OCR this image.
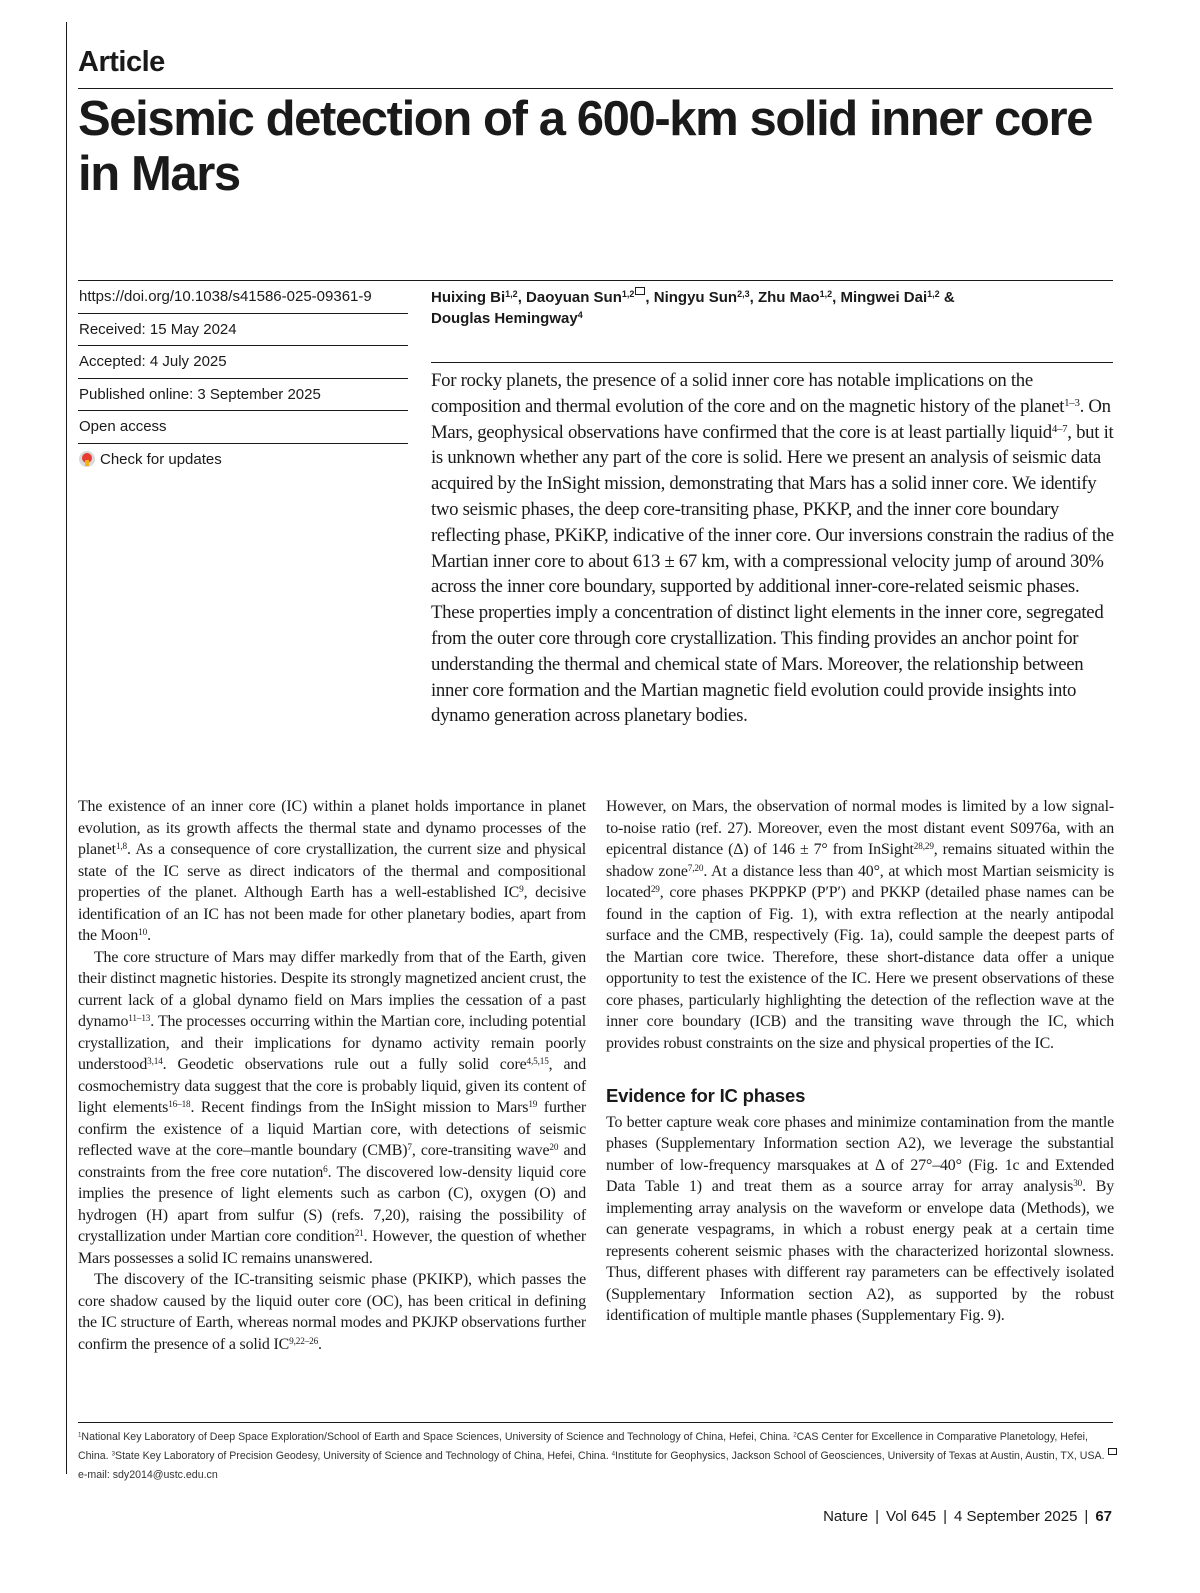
Article
Seismic detection of a 600-km solid inner core in Mars
https://doi.org/10.1038/s41586-025-09361-9
Received: 15 May 2024
Accepted: 4 July 2025
Published online: 3 September 2025
Open access
Check for updates
Huixing Bi$^{1,2}$, Daoyuan Sun$^{1,2}$ , Ningyu Sun$^{2,3}$, Zhu Mao$^{1,2}$, Mingwei Dai$^{1,2}$ &
Douglas Hemingway$^4$

For rocky planets, the presence of a solid inner core has notable implications on the composition and thermal evolution of the core and on the magnetic history of the planet$^{1-3}$. On Mars, geophysical observations have confirmed that the core is at least partially liquid$^{4-7}$, but it is unknown whether any part of the core is solid. Here we present an analysis of seismic data acquired by the InSight mission, demonstrating that Mars has a solid inner core. We identify two seismic phases, the deep core-transiting phase, PKKP, and the inner core boundary reflecting phase, PKiKP, indicative of the inner core. Our inversions constrain the radius of the Martian inner core to about 613 ± 67 km, with a compressional velocity jump of around 30% across the inner core boundary, supported by additional inner-core-related seismic phases. These properties imply a concentration of distinct light elements in the inner core, segregated from the outer core through core crystallization. This finding provides an anchor point for understanding the thermal and chemical state of Mars. Moreover, the relationship between inner core formation and the Martian magnetic field evolution could provide insights into dynamo generation across planetary bodies.

The existence of an inner core (IC) within a planet holds importance in planet evolution, as its growth affects the thermal state and dynamo processes of the planet$^{1,8}$. As a consequence of core crystallization, the current size and physical state of the IC serve as direct indicators of the thermal and compositional properties of the planet. Although Earth has a well-established $IC^9$, decisive identification of an IC has not been made for other planetary bodies, apart from the Moon$^{10}$.

The core structure of Mars may differ markedly from that of the Earth, given their distinct magnetic histories. Despite its strongly magnetized ancient crust, the current lack of a global dynamo field on Mars implies the cessation of a past dynamo$^{11-13}$. The processes occurring within the Martian core, including potential crystallization, and their implications for dynamo activity remain poorly understood$^{3,14}$. Geodetic observations rule out a fully solid core$^{4,5,15}$, and cosmochemistry data suggest that the core is probably liquid, given its content of light elements$^{16-18}$. Recent findings from the InSight mission to Mars$^{19}$ further confirm the existence of a liquid Martian core, with detections of seismic reflected wave at the core–mantle boundary (CMB)$^7$, core-transiting wave$^{20}$ and constraints from the free core nutation$^6$. The discovered low-density liquid core implies the presence of light elements such as carbon (C), oxygen (O) and hydrogen (H) apart from sulfur (S) (refs. 7,20), raising the possibility of crystallization under Martian core condition$^{21}$. However, the question of whether Mars possesses a solid IC remains unanswered.

The discovery of the IC-transiting seismic phase (PKIKP), which passes the core shadow caused by the liquid outer core (OC), has been critical in defining the IC structure of Earth, whereas normal modes and PKJKP observations further confirm the presence of a solid IC$^{9,22-26}$.

However, on Mars, the observation of normal modes is limited by a low signal-to-noise ratio (ref. 27). Moreover, even the most distant event S0976a, with an epicentral distance (Δ) of 146 ± 7° from InSight$^{28,29}$, remains situated within the shadow zone$^{7,20}$. At a distance less than 40°, at which most Martian seismicity is located$^{29}$, core phases PKPPKP (P′P′) and PKKP (detailed phase names can be found in the caption of Fig. 1), with extra reflection at the nearly antipodal surface and the CMB, respectively (Fig. 1a), could sample the deepest parts of the Martian core twice. Therefore, these short-distance data offer a unique opportunity to test the existence of the IC. Here we present observations of these core phases, particularly highlighting the detection of the reflection wave at the inner core boundary (ICB) and the transiting wave through the IC, which provides robust constraints on the size and physical properties of the IC.

Evidence for IC phases

To better capture weak core phases and minimize contamination from the mantle phases (Supplementary Information section A2), we leverage the substantial number of low-frequency marsquakes at Δ of 27°–40° (Fig. 1c and Extended Data Table 1) and treat them as a source array for array analysis$^{30}$. By implementing array analysis on the waveform or envelope data (Methods), we can generate vespagrams, in which a robust energy peak at a certain time represents coherent seismic phases with the characterized horizontal slowness. Thus, different phases with different ray parameters can be effectively isolated (Supplementary Information section A2), as supported by the robust identification of multiple mantle phases (Supplementary Fig. 9).

$^1$National Key Laboratory of Deep Space Exploration/School of Earth and Space Sciences, University of Science and Technology of China, Hefei, China. $^2$CAS Center for Excellence in Comparative Planetology, Hefei, China. $^3$State Key Laboratory of Precision Geodesy, University of Science and Technology of China, Hefei, China. $^4$Institute for Geophysics, Jackson School of Geosciences, University of Texas at Austin, Austin, TX, USA. e-mail: sdy2014@ustc.edu.cn
Nature | Vol 645 | 4 September 2025 | 67
